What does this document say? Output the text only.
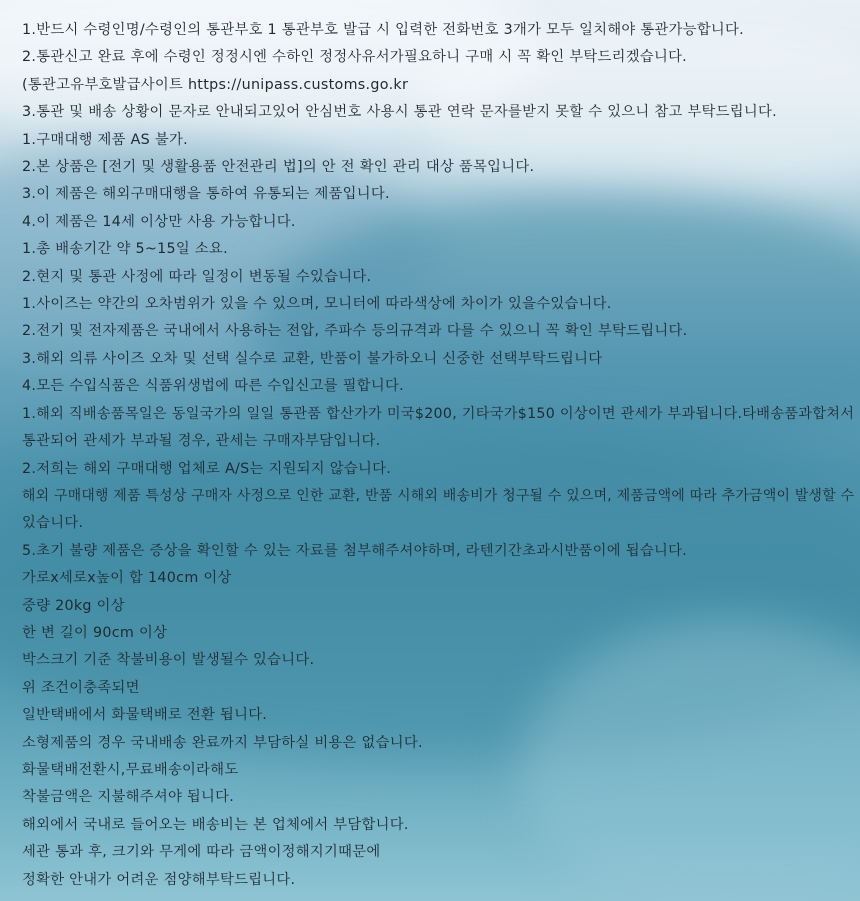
1.반드시 수령인명/수령인의 통관부호 1 통관부호 발급 시 입력한 전화번호 3개가 모두 일치해야 통관가능합니다.

2.통관신고 완료 후에 수령인 정정시엔 수하인 정정사유서가필요하니 구매 시 꼭 확인 부탁드리겠습니다.

(통관고유부호발급사이트 https://unipass.customs.go.kr

3.통관 및 배송 상황이 문자로 안내되고있어 안심번호 사용시 통관 연락 문자를받지 못할 수 있으니 참고 부탁드립니다.

1.구매대행 제품 AS 불가.

2.본 상품은 [전기 및 생활용품 안전관리 법]의 안 전 확인 관리 대상 품목입니다.

3.이 제품은 해외구매대행을 통하여 유통되는 제품입니다.

4.이 제품은 14세 이상만 사용 가능합니다.

1.총 배송기간 약 5~15일 소요.

2.현지 및 통관 사정에 따라 일정이 변동될 수있습니다.

1.사이즈는 약간의 오차범위가 있을 수 있으며, 모니터에 따라색상에 차이가 있을수있습니다.

2.전기 및 전자제품은 국내에서 사용하는 전압, 주파수 등의규격과 다를 수 있으니 꼭 확인 부탁드립니다.

3.해외 의류 사이즈 오차 및 선택 실수로 교환, 반품이 불가하오니 신중한 선택부탁드립니다

4.모든 수입식품은 식품위생법에 따른 수입신고를 필합니다.

1.해외 직배송품목일은 동일국가의 일일 통관품 합산가가 미국$200, 기타국가$150 이상이면 관세가 부과됩니다.타배송품과합쳐서

통관되어 관세가 부과될 경우, 관세는 구매자부담입니다.

2.저희는 해외 구매대행 업체로 A/S는 지원되지 않습니다.

해외 구매대행 제품 특성상 구매자 사정으로 인한 교환, 반품 시해외 배송비가 청구될 수 있으며, 제품금액에 따라 추가금액이 발생할 수

있습니다.

5.초기 불량 제품은 증상을 확인할 수 있는 자료를 첨부해주셔야하며, 라텐기간초과시반품이에 됩습니다.

가로x세로x높이 합 140cm 이상

중량 20kg 이상

한 변 길이 90cm 이상

박스크기 기준 착불비용이 발생될수 있습니다.

위 조건이충족되면

일반택배에서 화물택배로 전환 됩니다.

소형제품의 경우 국내배송 완료까지 부담하실 비용은 없습니다.

화물택배전환시,무료배송이라해도

착불금액은 지불해주셔야 됩니다.

해외에서 국내로 들어오는 배송비는 본 업체에서 부담합니다.

세관 통과 후, 크기와 무게에 따라 금액이정해지기때문에

정확한 안내가 어려운 점양해부탁드립니다.
